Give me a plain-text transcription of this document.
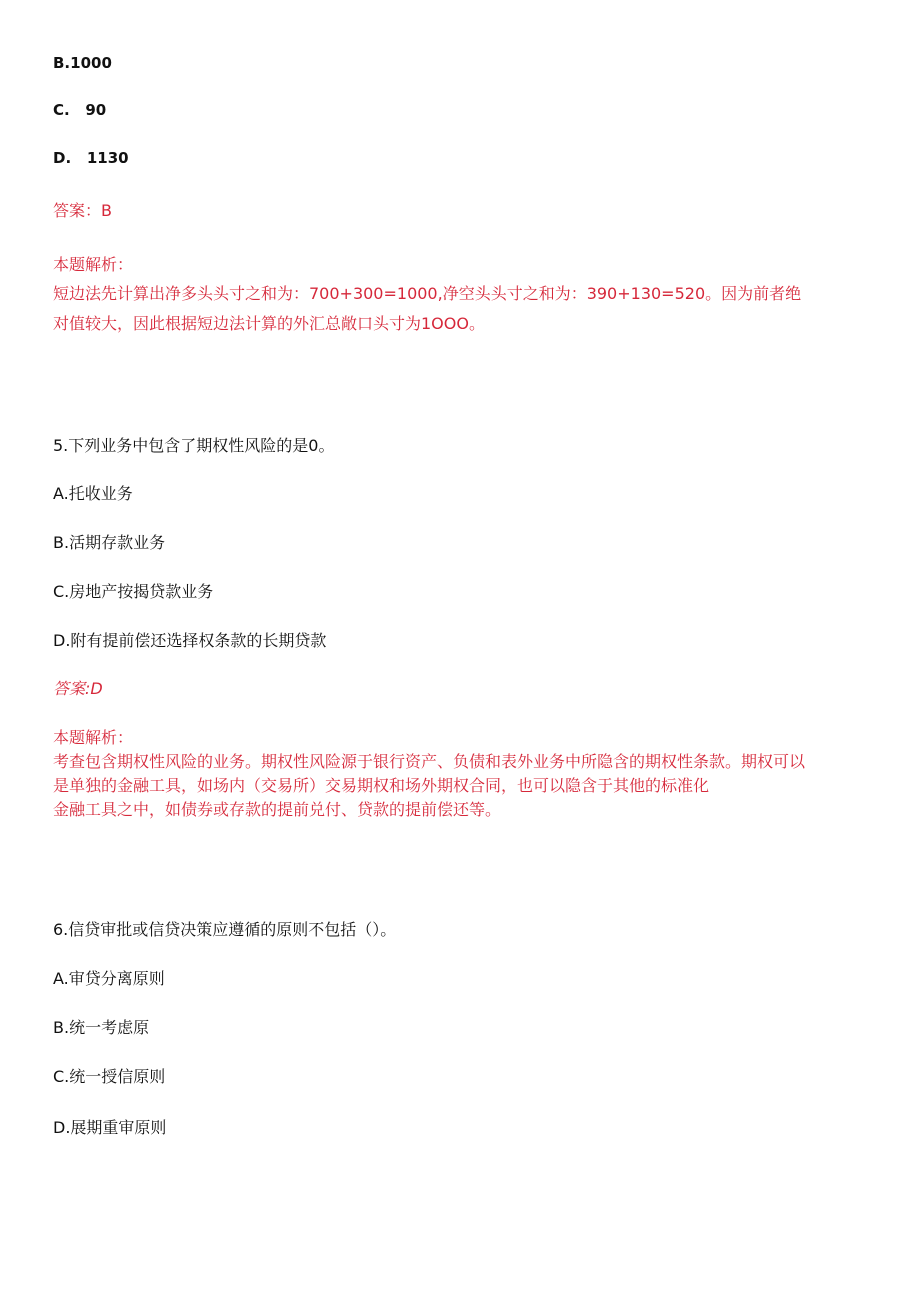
B.1000
C.   90
D.   1130
答案：B
本题解析：
短边法先计算出净多头头寸之和为：700+300=1000,净空头头寸之和为：390+130=520。因为前者绝
对值较大，因此根据短边法计算的外汇总敞口头寸为1OOO。
5.下列业务中包含了期权性风险的是0。
A.托收业务
B.活期存款业务
C.房地产按揭贷款业务
D.附有提前偿还选择权条款的长期贷款
答案:D
本题解析：
考查包含期权性风险的业务。期权性风险源于银行资产、负债和表外业务中所隐含的期权性条款。期权可以
是单独的金融工具，如场内（交易所）交易期权和场外期权合同，也可以隐含于其他的标准化
金融工具之中，如债券或存款的提前兑付、贷款的提前偿还等。
6.信贷审批或信贷决策应遵循的原则不包括（）。
A.审贷分离原则
B.统一考虑原
C.统一授信原则
D.展期重审原则
